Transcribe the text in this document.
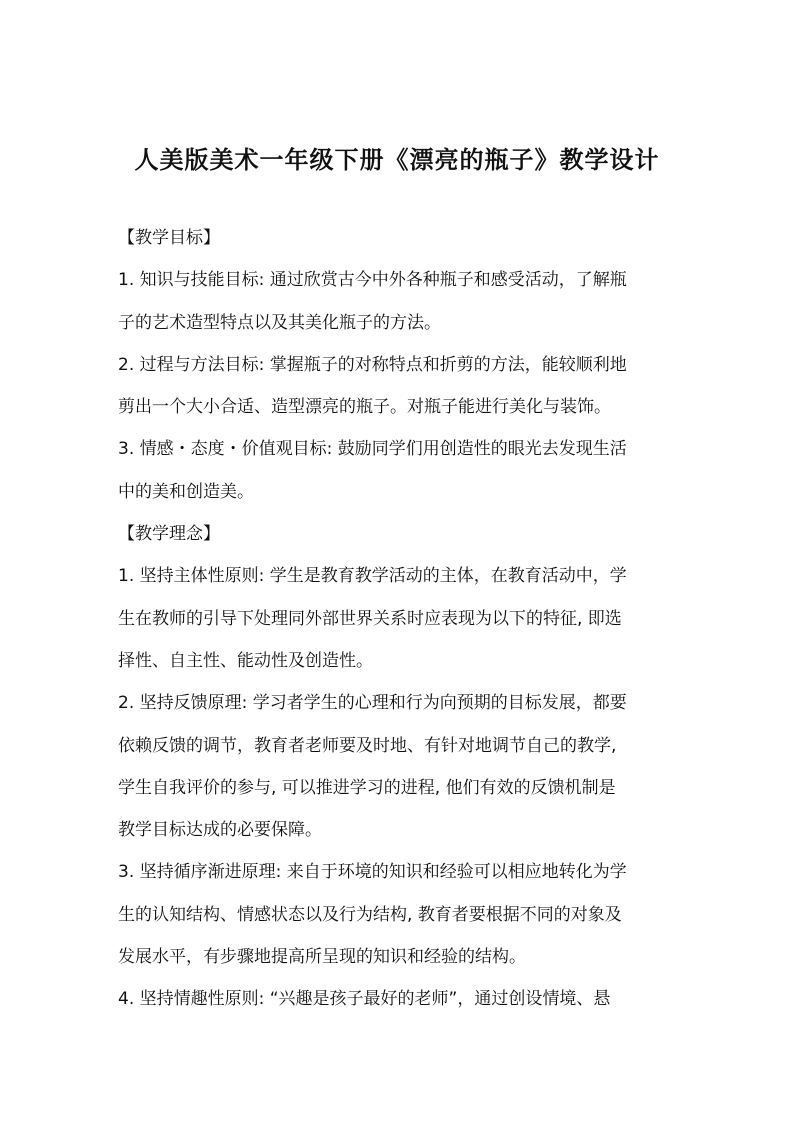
人美版美术一年级下册《漂亮的瓶子》教学设计
【教学目标】
1. 知识与技能目标: 通过欣赏古今中外各种瓶子和感受活动，了解瓶
子的艺术造型特点以及其美化瓶子的方法。
2. 过程与方法目标: 掌握瓶子的对称特点和折剪的方法，能较顺利地
剪出一个大小合适、造型漂亮的瓶子。对瓶子能进行美化与装饰。
3. 情感・态度・价值观目标: 鼓励同学们用创造性的眼光去发现生活
中的美和创造美。
【教学理念】
1. 坚持主体性原则: 学生是教育教学活动的主体，在教育活动中，学
生在教师的引导下处理同外部世界关系时应表现为以下的特征, 即选
择性、自主性、能动性及创造性。
2. 坚持反馈原理: 学习者学生的心理和行为向预期的目标发展，都要
依赖反馈的调节，教育者老师要及时地、有针对地调节自己的教学,
学生自我评价的参与, 可以推进学习的进程, 他们有效的反馈机制是
教学目标达成的必要保障。
3. 坚持循序渐进原理: 来自于环境的知识和经验可以相应地转化为学
生的认知结构、情感状态以及行为结构, 教育者要根据不同的对象及
发展水平，有步骤地提高所呈现的知识和经验的结构。
4. 坚持情趣性原则: “兴趣是孩子最好的老师”，通过创设情境、悬
